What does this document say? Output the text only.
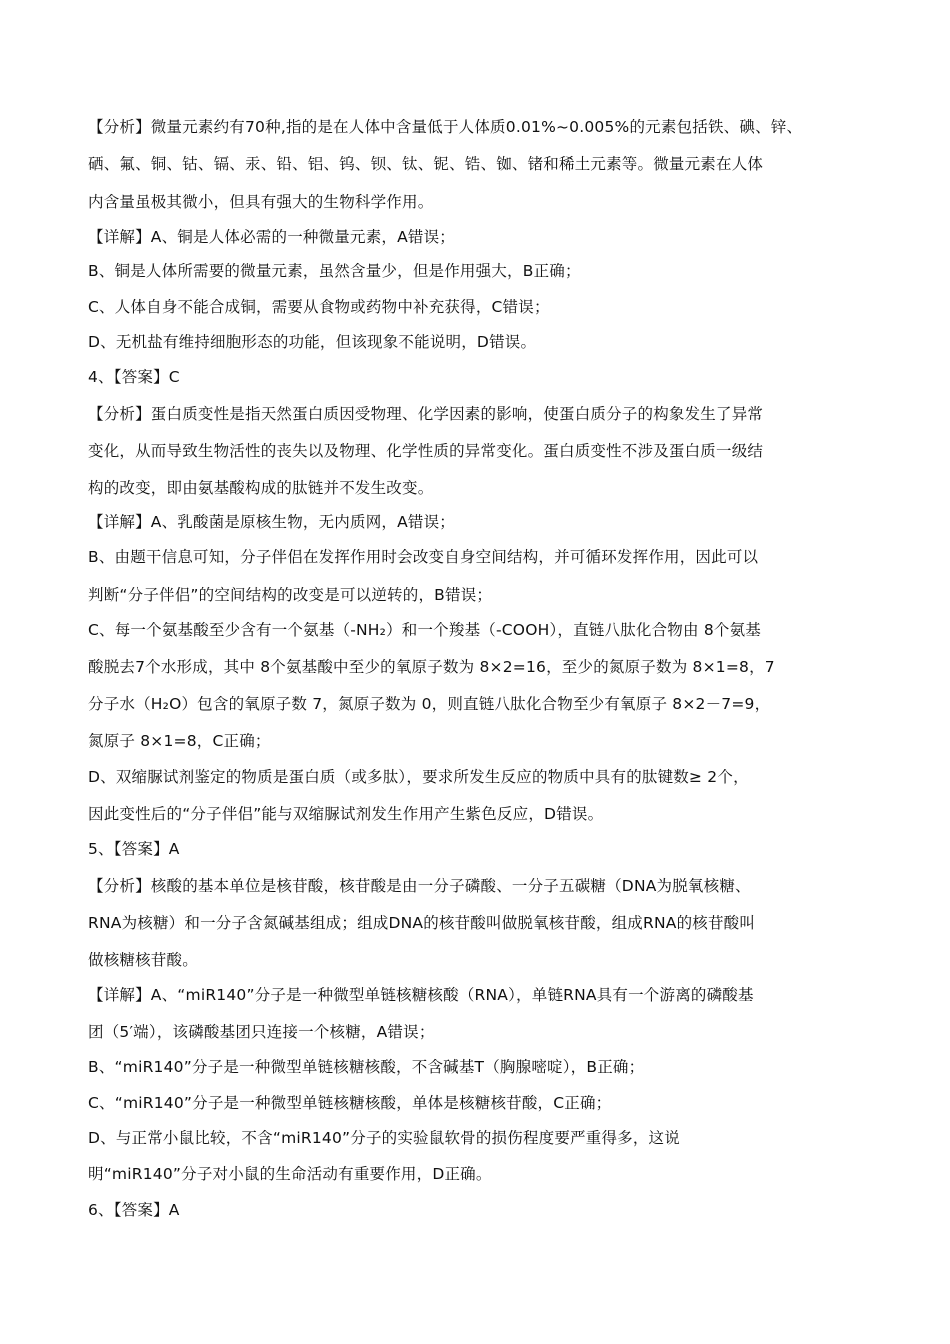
【分析】微量元素约有70种,指的是在人体中含量低于人体质0.01%~0.005%的元素包括铁、碘、锌、
硒、氟、铜、钴、镉、汞、铅、铝、钨、钡、钛、铌、锆、铷、锗和稀土元素等。微量元素在人体
内含量虽极其微小，但具有强大的生物科学作用。
【详解】A、铜是人体必需的一种微量元素，A错误；
B、铜是人体所需要的微量元素，虽然含量少，但是作用强大，B正确；
C、人体自身不能合成铜，需要从食物或药物中补充获得，C错误；
D、无机盐有维持细胞形态的功能，但该现象不能说明，D错误。
4、【答案】C
【分析】蛋白质变性是指天然蛋白质因受物理、化学因素的影响，使蛋白质分子的构象发生了异常
变化，从而导致生物活性的丧失以及物理、化学性质的异常变化。蛋白质变性不涉及蛋白质一级结
构的改变，即由氨基酸构成的肽链并不发生改变。
【详解】A、乳酸菌是原核生物，无内质网，A错误；
B、由题干信息可知，分子伴侣在发挥作用时会改变自身空间结构，并可循环发挥作用，因此可以
判断“分子伴侣”的空间结构的改变是可以逆转的，B错误；
C、每一个氨基酸至少含有一个氨基（-NH₂）和一个羧基（-COOH），直链八肽化合物由 8个氨基
酸脱去7个水形成，其中 8个氨基酸中至少的氧原子数为 8×2=16，至少的氮原子数为 8×1=8，7
分子水（H₂O）包含的氧原子数 7，氮原子数为 0，则直链八肽化合物至少有氧原子 8×2－7=9，
氮原子 8×1=8，C正确；
D、双缩脲试剂鉴定的物质是蛋白质（或多肽），要求所发生反应的物质中具有的肽键数≥ 2个，
因此变性后的“分子伴侣”能与双缩脲试剂发生作用产生紫色反应，D错误。
5、【答案】A
【分析】核酸的基本单位是核苷酸，核苷酸是由一分子磷酸、一分子五碳糖（DNA为脱氧核糖、
RNA为核糖）和一分子含氮碱基组成；组成DNA的核苷酸叫做脱氧核苷酸，组成RNA的核苷酸叫
做核糖核苷酸。
【详解】A、“miR140”分子是一种微型单链核糖核酸（RNA），单链RNA具有一个游离的磷酸基
团（5′端），该磷酸基团只连接一个核糖，A错误；
B、“miR140”分子是一种微型单链核糖核酸，不含碱基T（胸腺嘧啶），B正确；
C、“miR140”分子是一种微型单链核糖核酸，单体是核糖核苷酸，C正确；
D、与正常小鼠比较，不含“miR140”分子的实验鼠软骨的损伤程度要严重得多，这说
明“miR140”分子对小鼠的生命活动有重要作用，D正确。
6、【答案】A
